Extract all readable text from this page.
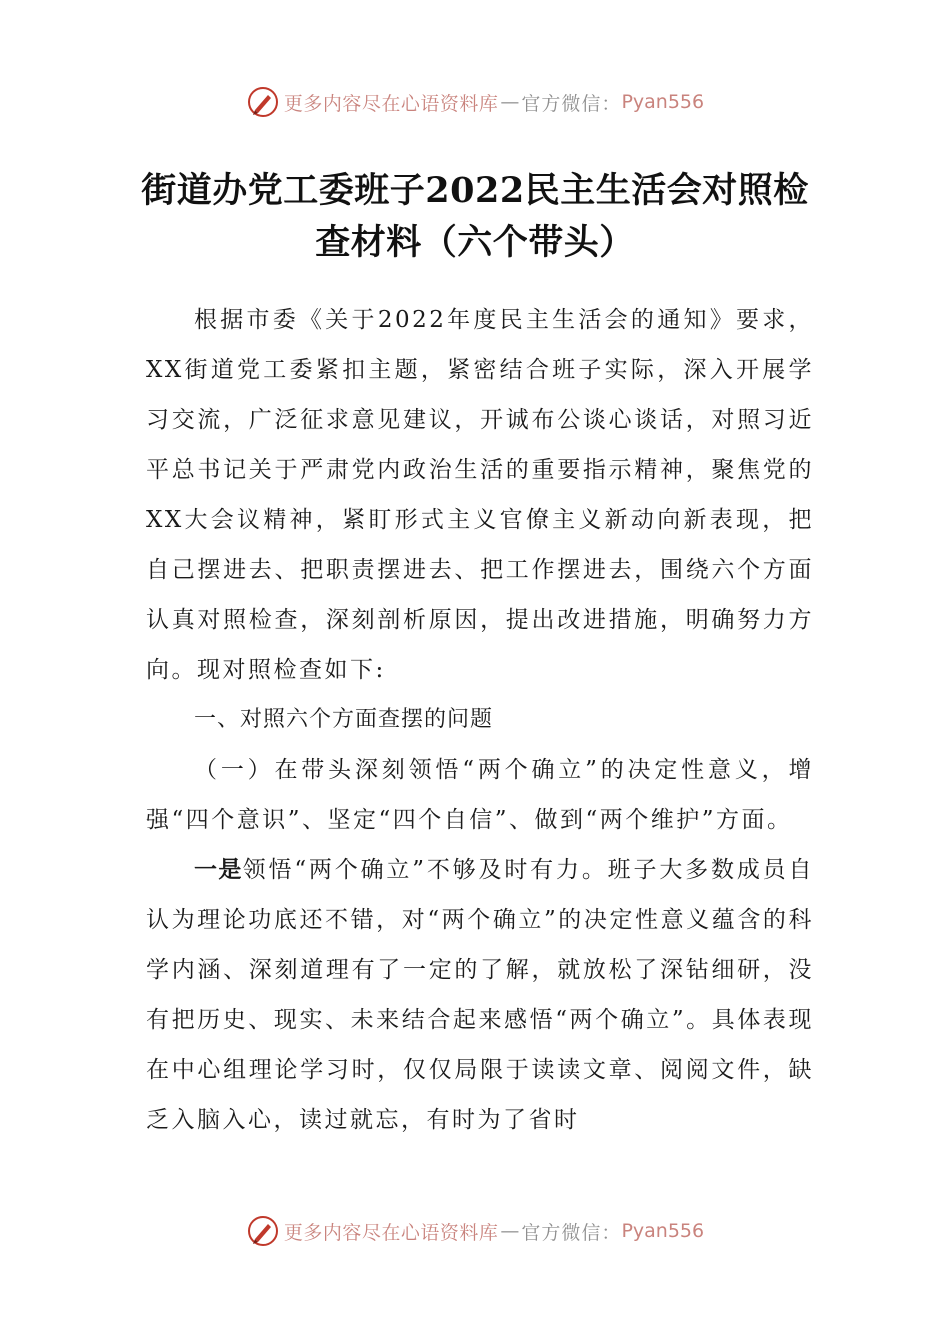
更多内容尽在心语资料库 — 官方微信： Pyan556
街道办党工委班子2022民主生活会对照检
查材料（六个带头）

根据市委《关于2022年度民主生活会的通知》要求，XX街道党工委紧扣主题，紧密结合班子实际，深入开展学习交流，广泛征求意见建议，开诚布公谈心谈话，对照习近平总书记关于严肃党内政治生活的重要指示精神，聚焦党的XX大会议精神，紧盯形式主义官僚主义新动向新表现，把自己摆进去、把职责摆进去、把工作摆进去，围绕六个方面认真对照检查，深刻剖析原因，提出改进措施，明确努力方向。现对照检查如下:

一、对照六个方面查摆的问题

（一）在带头深刻领悟“两个确立”的决定性意义，增强“四个意识”、坚定“四个自信”、做到“两个维护”方面。

一是领悟“两个确立”不够及时有力。班子大多数成员自认为理论功底还不错，对“两个确立”的决定性意义蕴含的科学内涵、深刻道理有了一定的了解，就放松了深钻细研，没有把历史、现实、未来结合起来感悟“两个确立”。具体表现在中心组理论学习时，仅仅局限于读读文章、阅阅文件，缺乏入脑入心，读过就忘，有时为了省时

更多内容尽在心语资料库 — 官方微信： Pyan556
